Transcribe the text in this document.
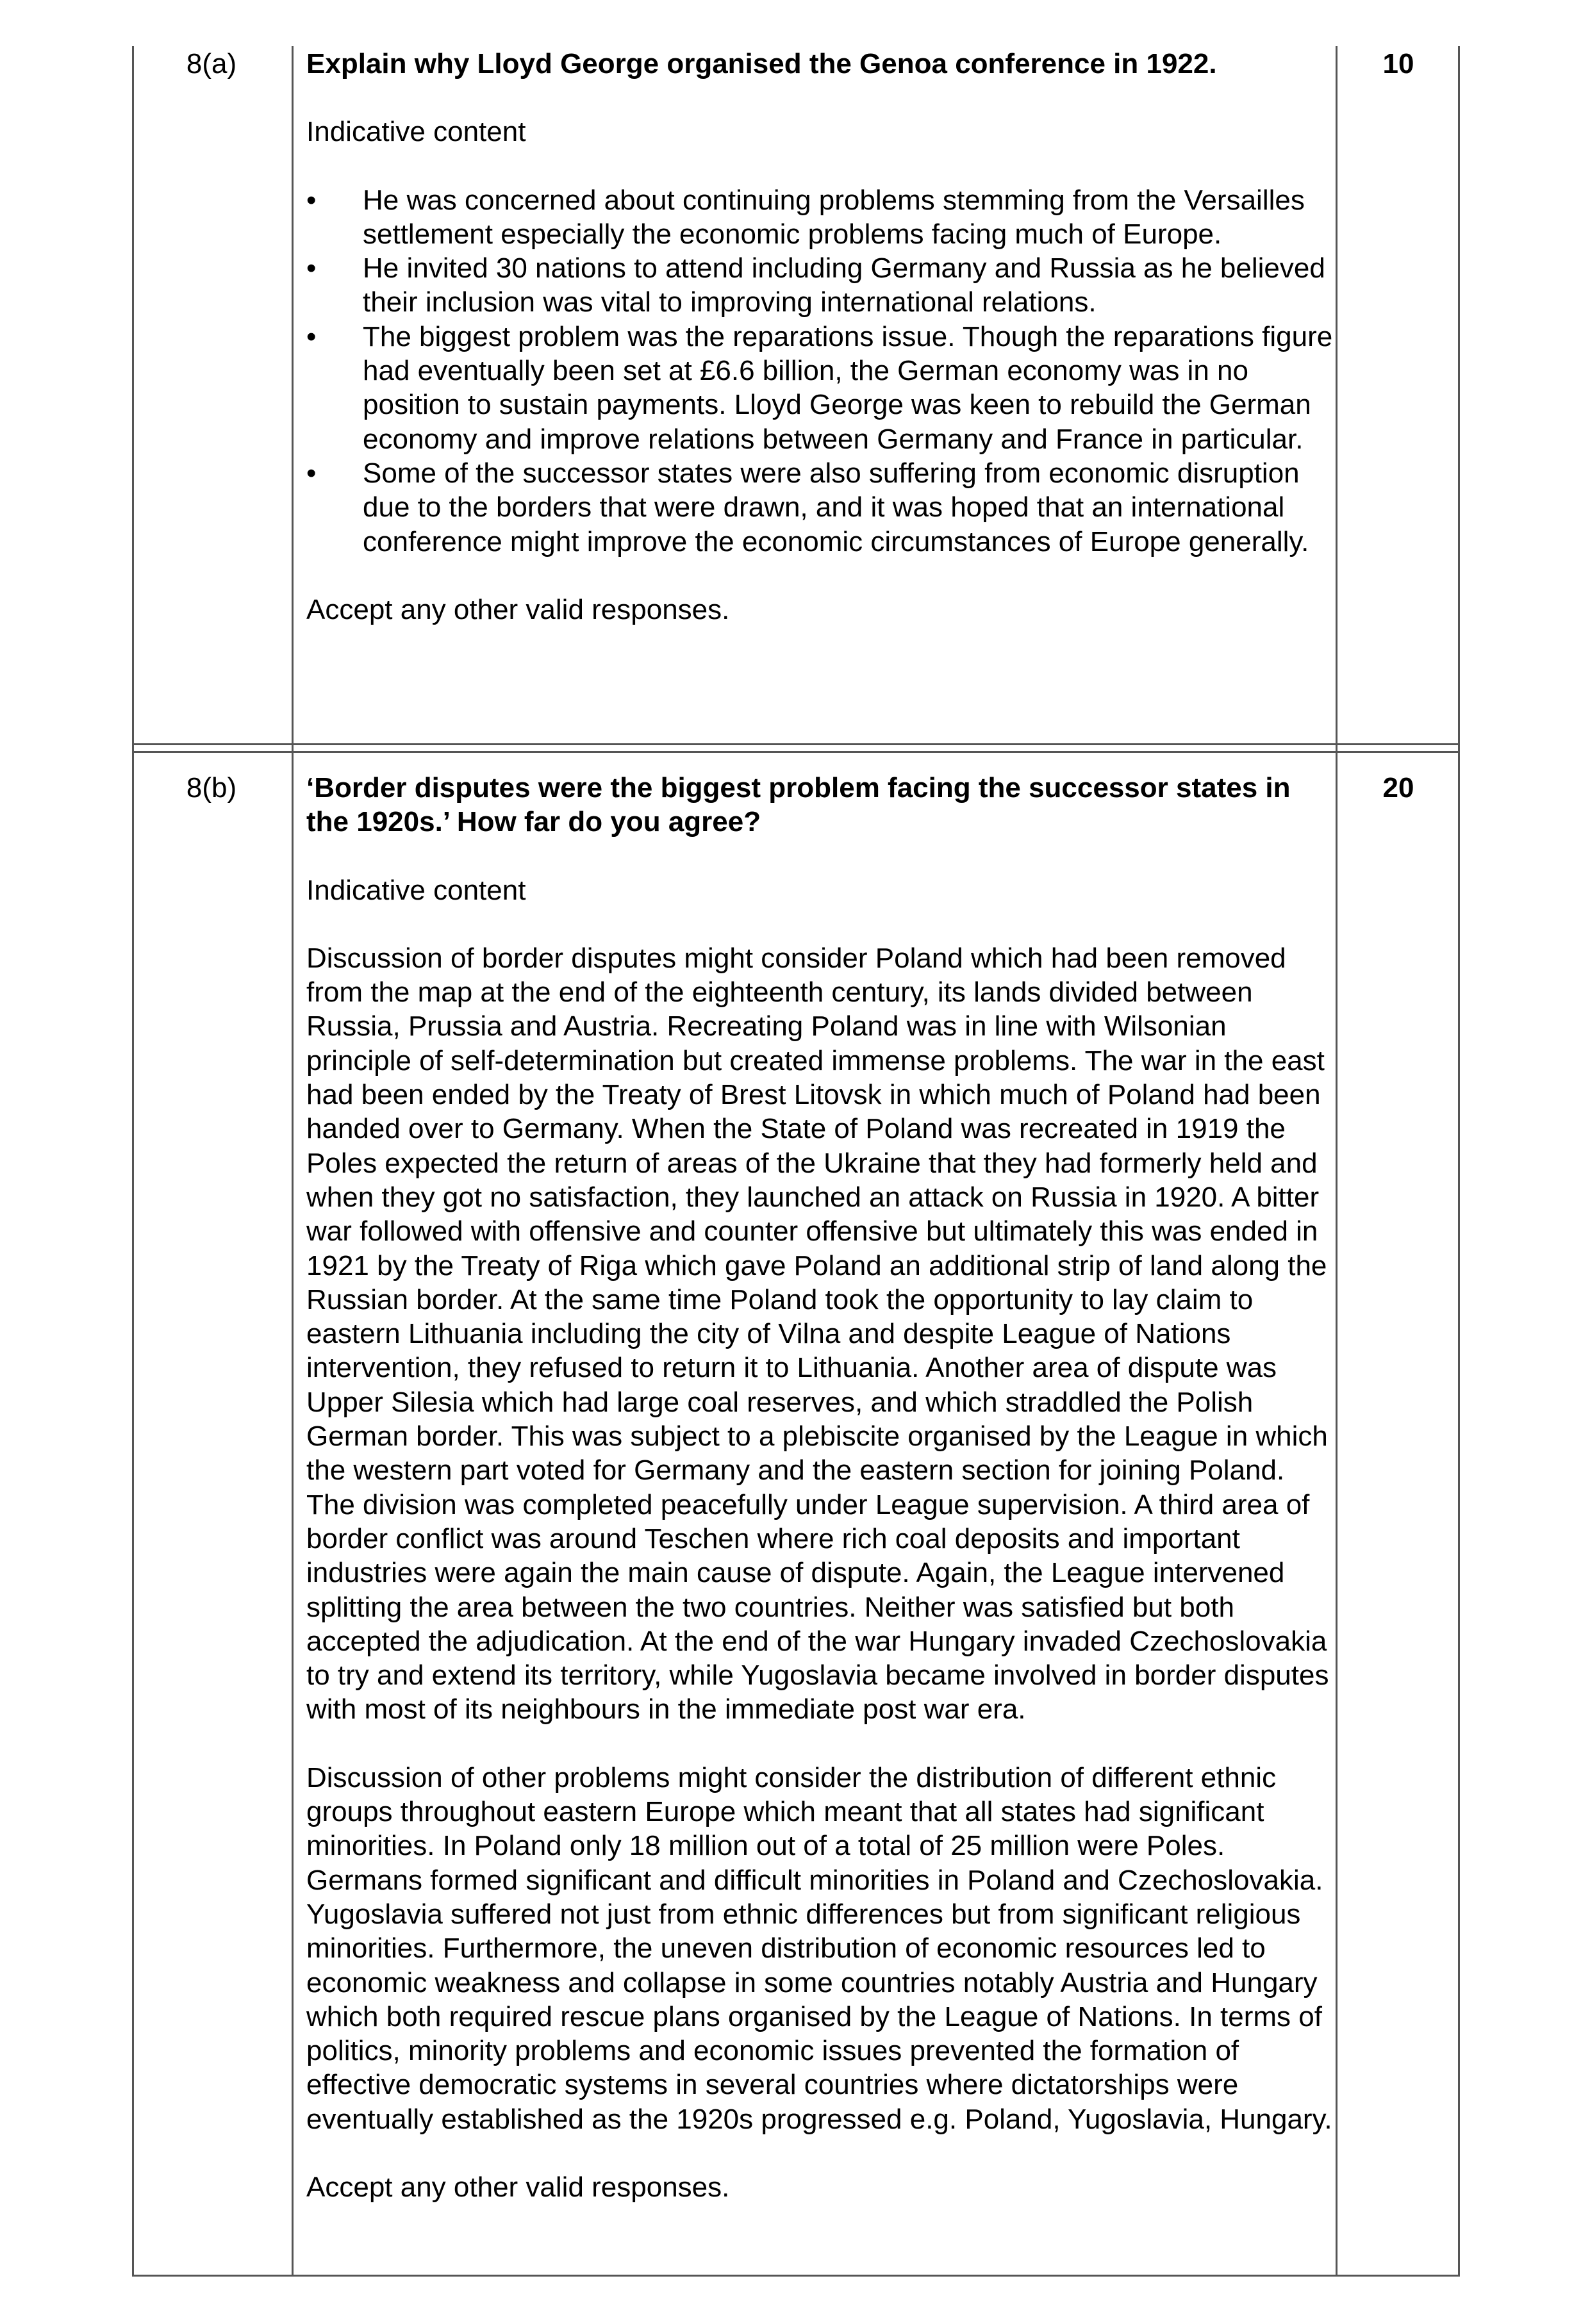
8(a)	10

Explain why Lloyd George organised the Genoa conference in 1922.

Indicative content

• He was concerned about continuing problems stemming from the Versailles settlement especially the economic problems facing much of Europe.
• He invited 30 nations to attend including Germany and Russia as he believed their inclusion was vital to improving international relations.
• The biggest problem was the reparations issue. Though the reparations figure had eventually been set at £6.6 billion, the German economy was in no position to sustain payments. Lloyd George was keen to rebuild the German economy and improve relations between Germany and France in particular.
• Some of the successor states were also suffering from economic disruption due to the borders that were drawn, and it was hoped that an international conference might improve the economic circumstances of Europe generally.

Accept any other valid responses.

8(b)	20

‘Border disputes were the biggest problem facing the successor states in the 1920s.’ How far do you agree?

Indicative content

Discussion of border disputes might consider Poland which had been removed from the map at the end of the eighteenth century, its lands divided between Russia, Prussia and Austria. Recreating Poland was in line with Wilsonian principle of self-determination but created immense problems. The war in the east had been ended by the Treaty of Brest Litovsk in which much of Poland had been handed over to Germany. When the State of Poland was recreated in 1919 the Poles expected the return of areas of the Ukraine that they had formerly held and when they got no satisfaction, they launched an attack on Russia in 1920. A bitter war followed with offensive and counter offensive but ultimately this was ended in 1921 by the Treaty of Riga which gave Poland an additional strip of land along the Russian border. At the same time Poland took the opportunity to lay claim to eastern Lithuania including the city of Vilna and despite League of Nations intervention, they refused to return it to Lithuania. Another area of dispute was Upper Silesia which had large coal reserves, and which straddled the Polish German border. This was subject to a plebiscite organised by the League in which the western part voted for Germany and the eastern section for joining Poland. The division was completed peacefully under League supervision. A third area of border conflict was around Teschen where rich coal deposits and important industries were again the main cause of dispute. Again, the League intervened splitting the area between the two countries. Neither was satisfied but both accepted the adjudication. At the end of the war Hungary invaded Czechoslovakia to try and extend its territory, while Yugoslavia became involved in border disputes with most of its neighbours in the immediate post war era.

Discussion of other problems might consider the distribution of different ethnic groups throughout eastern Europe which meant that all states had significant minorities. In Poland only 18 million out of a total of 25 million were Poles. Germans formed significant and difficult minorities in Poland and Czechoslovakia. Yugoslavia suffered not just from ethnic differences but from significant religious minorities. Furthermore, the uneven distribution of economic resources led to economic weakness and collapse in some countries notably Austria and Hungary which both required rescue plans organised by the League of Nations. In terms of politics, minority problems and economic issues prevented the formation of effective democratic systems in several countries where dictatorships were eventually established as the 1920s progressed e.g. Poland, Yugoslavia, Hungary.

Accept any other valid responses.
